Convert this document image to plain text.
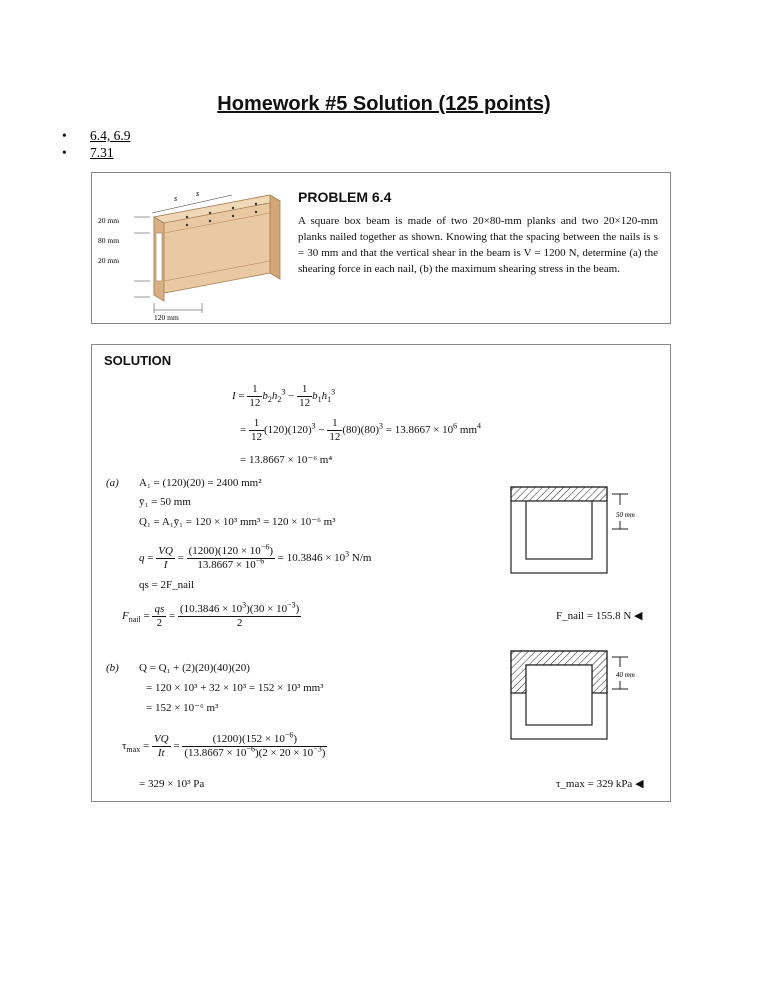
Homework #5 Solution (125 points)
• 6.4, 6.9
• 7.31
s
s
20 mm
80 mm
20 mm
120 mm
PROBLEM 6.4
A square box beam is made of two 20×80-mm planks and two 20×120-mm planks nailed together as shown. Knowing that the spacing between the nails is s = 30 mm and that the vertical shear in the beam is V = 1200 N, determine (a) the shearing force in each nail, (b) the maximum shearing stress in the beam.
SOLUTION
$I = \frac{1}{12} b_2h_2^3 - \frac{1}{12} b_1h_1^3$
= $\frac{1}{12} (120)(120)^3 - \frac{1}{12} (80)(80)^3 = 13.8667 \times 10^6$ $mm^4$
= 13.8667 × 10⁻⁶ m⁴
(a) A₁ = (120)(20) = 2400 mm²
ȳ₁ = 50 mm
Q₁ = A₁ȳ₁ = 120 × 10³ mm³ = 120 × 10⁻⁶ m³
$q = \frac{VQ}{I} = \frac{(1200)(120 \times 10^{-6})}{13.8667 \times 10^{-6}} = 10.3846 \times 10^3$ N/m
qs = 2F_nail
$F_{nail} = \frac{qs}{2} = \frac{(10.3846 \times 10^3)(30 \times 10^{-3})}{2}$	F_nail = 155.8 N ◀
50 mm
(b) Q = Q₁ + (2)(20)(40)(20)
= 120 × 10³ + 32 × 10³ = 152 × 10³ mm³
= 152 × 10⁻⁶ m³
$\tau_{max} = \frac{VQ}{It} = \frac{(1200)(152 \times 10^{-6})}{(13.8667 \times 10^{-6})(2 \times 20 \times 10^{-3})}$
= 329 × 10³ Pa	τ_max = 329 kPa ◀
40 mm
